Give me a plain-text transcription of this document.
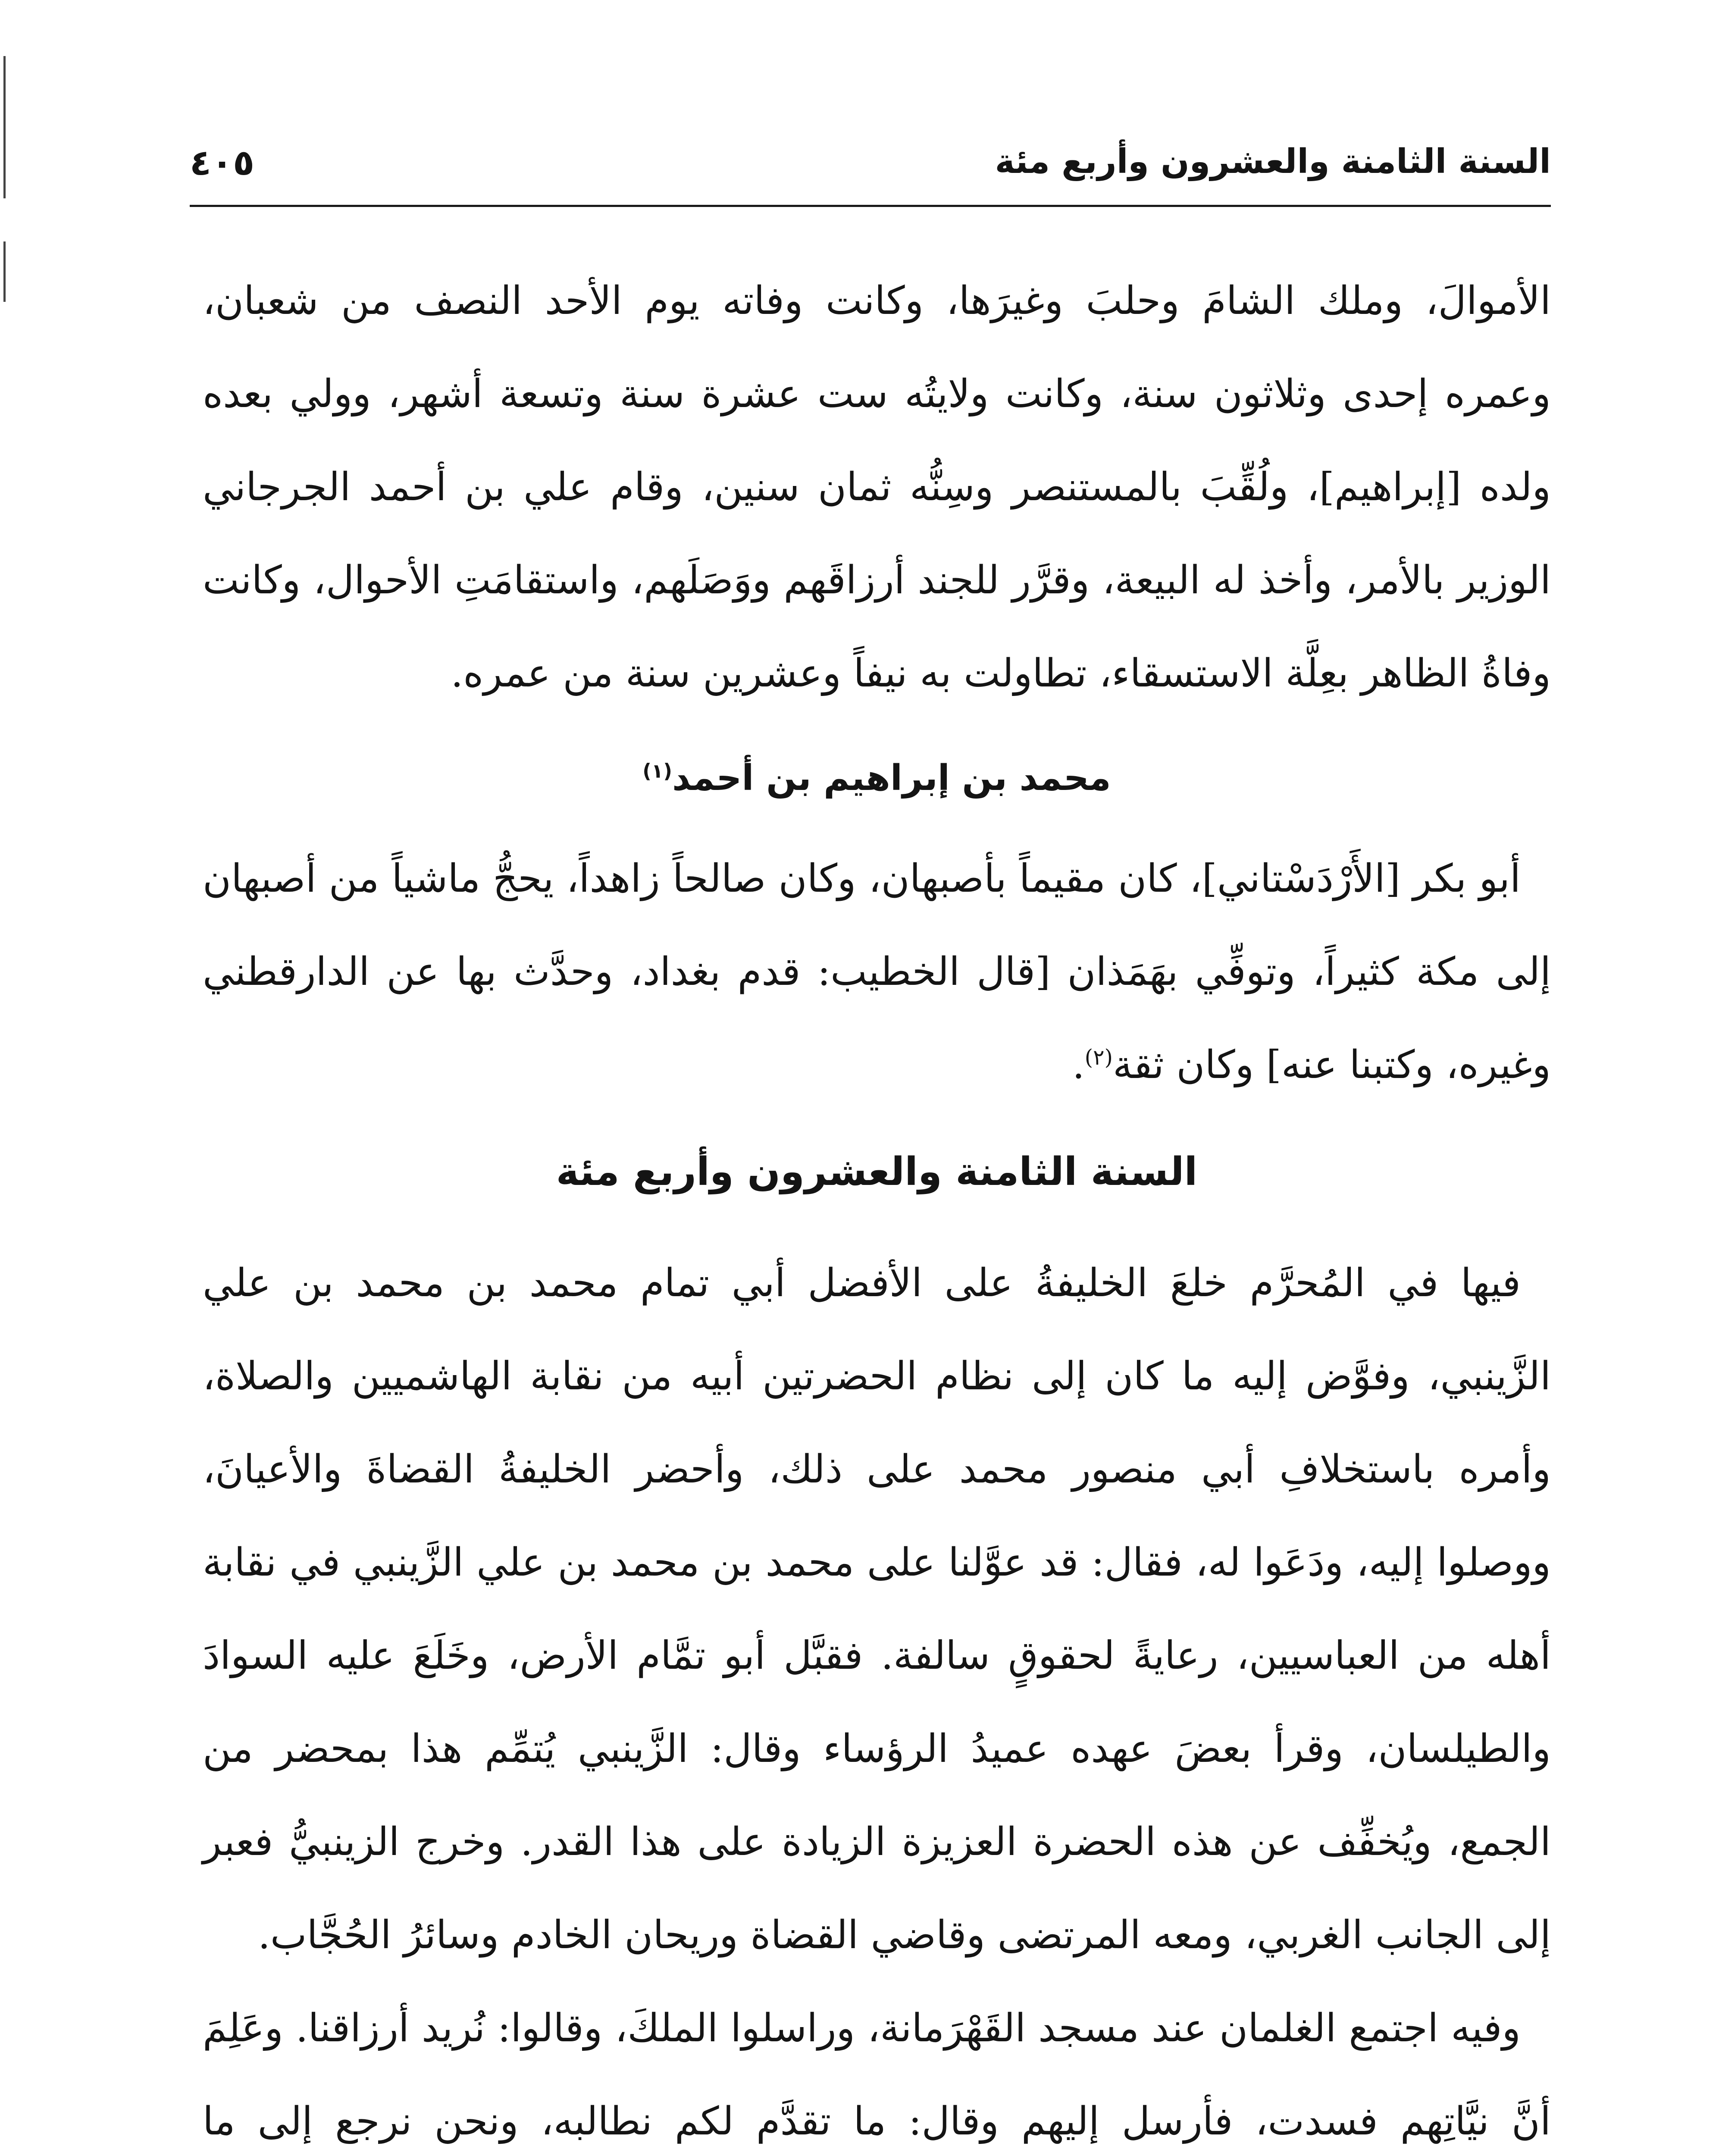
السنة الثامنة والعشرون وأربع مئة
٤٠٥

الأموالَ، وملك الشامَ وحلبَ وغيرَها، وكانت وفاته يوم الأحد النصف من شعبان، وعمره إحدى وثلاثون سنة، وكانت ولايتُه ست عشرة سنة وتسعة أشهر، وولي بعده ولده [إبراهيم]، ولُقِّبَ بالمستنصر وسِنُّه ثمان سنين، وقام علي بن أحمد الجرجاني الوزير بالأمر، وأخذ له البيعة، وقرَّر للجند أرزاقَهم ووَصَلَهم، واستقامَتِ الأحوال، وكانت وفاةُ الظاهر بعِلَّة الاستسقاء، تطاولت به نيفاً وعشرين سنة من عمره.

محمد بن إبراهيم بن أحمد$^{(١)}$

أبو بكر [الأَرْدَسْتاني]، كان مقيماً بأصبهان، وكان صالحاً زاهداً، يحجُّ ماشياً من أصبهان إلى مكة كثيراً، وتوفِّي بهَمَذان [قال الخطيب: قدم بغداد، وحدَّث بها عن الدارقطني وغيره، وكتبنا عنه] وكان ثقة$^{(٢)}$.

السنة الثامنة والعشرون وأربع مئة

فيها في المُحرَّم خلعَ الخليفةُ على الأفضل أبي تمام محمد بن محمد بن علي الزَّينبي، وفوَّض إليه ما كان إلى نظام الحضرتين أبيه من نقابة الهاشميين والصلاة، وأمره باستخلافِ أبي منصور محمد على ذلك، وأحضر الخليفةُ القضاةَ والأعيانَ، ووصلوا إليه، ودَعَوا له، فقال: قد عوَّلنا على محمد بن محمد بن علي الزَّينبي في نقابة أهله من العباسيين، رعايةً لحقوقٍ سالفة. فقبَّل أبو تمَّام الأرض، وخَلَعَ عليه السوادَ والطيلسان، وقرأ بعضَ عهده عميدُ الرؤساء وقال: الزَّينبي يُتمِّم هذا بمحضر من الجمع، ويُخفِّف عن هذه الحضرة العزيزة الزيادة على هذا القدر. وخرج الزينبيُّ فعبر إلى الجانب الغربي، ومعه المرتضى وقاضي القضاة وريحان الخادم وسائرُ الحُجَّاب.

وفيه اجتمع الغلمان عند مسجد القَهْرَمانة، وراسلوا الملكَ، وقالوا: نُريد أرزاقنا. وعَلِمَ أنَّ نيَّاتِهم فسدت، فأرسل إليهم وقال: ما تقدَّم لكم نطالبه، ونحن نرجع إلى ما
